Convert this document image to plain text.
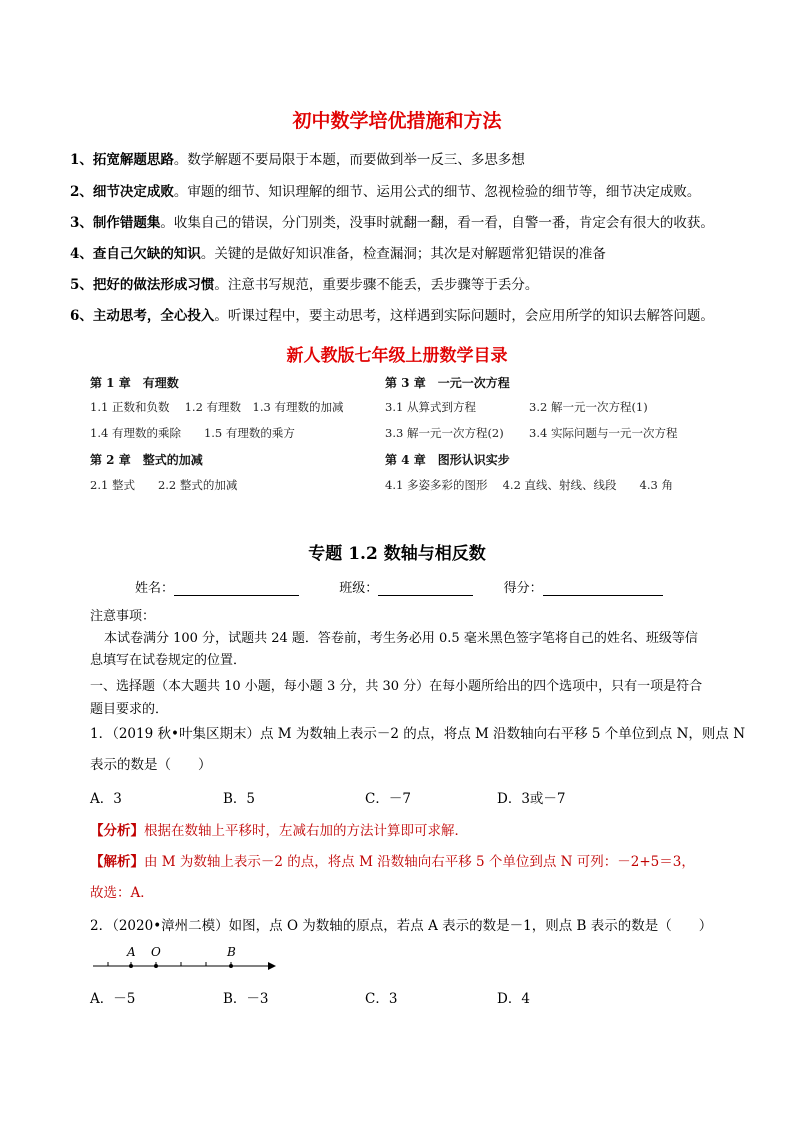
初中数学培优措施和方法
1、拓宽解题思路。数学解题不要局限于本题，而要做到举一反三、多思多想
2、细节决定成败。审题的细节、知识理解的细节、运用公式的细节、忽视检验的细节等，细节决定成败。
3、制作错题集。收集自己的错误，分门别类，没事时就翻一翻，看一看，自警一番，肯定会有很大的收获。
4、查自己欠缺的知识。关键的是做好知识准备，检查漏洞；其次是对解题常犯错误的准备
5、把好的做法形成习惯。注意书写规范，重要步骤不能丢，丢步骤等于丢分。
6、主动思考，全心投入。听课过程中，要主动思考，这样遇到实际问题时，会应用所学的知识去解答问题。
新人教版七年级上册数学目录
第 1 章　有理数
1.1 正数和负数　 1.2 有理数　1.3 有理数的加减
1.4 有理数的乘除　　1.5 有理数的乘方
第 2 章　整式的加减
2.1 整式　　2.2 整式的加减
第 3 章　一元一次方程
3.1 从算式到方程	3.2 解一元一次方程(1)
3.3 解一元一次方程(2) 3.4 实际问题与一元一次方程
第 4 章　图形认识实步
4.1 多姿多彩的图形　 4.2 直线、射线、线段　　4.3 角
专题 1.2 数轴与相反数
姓名：	班级：	得分：
注意事项：
本试卷满分 100 分，试题共 24 题．答卷前，考生务必用 0.5 毫米黑色签字笔将自己的姓名、班级等信
息填写在试卷规定的位置．
一、选择题（本大题共 10 小题，每小题 3 分，共 30 分）在每小题所给出的四个选项中，只有一项是符合
题目要求的．
1．（2019 秋•叶集区期末）点 M 为数轴上表示－2 的点，将点 M 沿数轴向右平移 5 个单位到点 N，则点 N
表示的数是（　　）
A．3	B．5	C．－7	D．3或－7
【分析】根据在数轴上平移时，左减右加的方法计算即可求解．
【解析】由 M 为数轴上表示－2 的点，将点 M 沿数轴向右平移 5 个单位到点 N 可列：－2+5＝3，
故选：A．
2．（2020•漳州二模）如图，点 O 为数轴的原点，若点 A 表示的数是－1，则点 B 表示的数是（　　）
A O	B
A．－5	B．－3	C．3	D．4
